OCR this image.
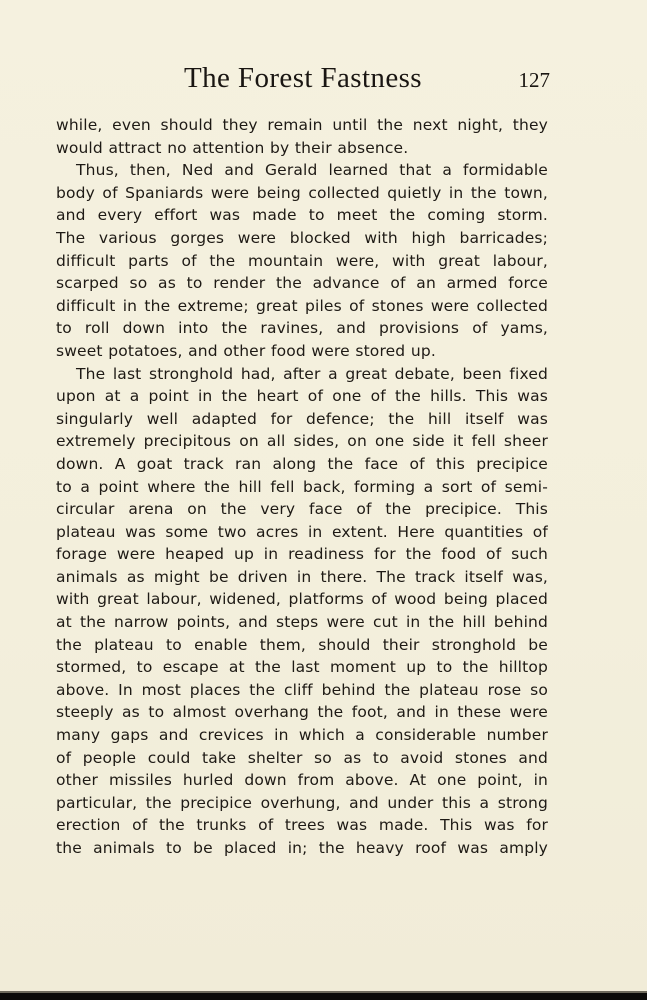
The Forest Fastness	127
while, even should they remain until the next night, they
would attract no attention by their absence.
Thus, then, Ned and Gerald learned that a formidable
body of Spaniards were being collected quietly in the town,
and every effort was made to meet the coming storm.
The various gorges were blocked with high barricades;
difficult parts of the mountain were, with great labour,
scarped so as to render the advance of an armed force
difficult in the extreme; great piles of stones were collected
to roll down into the ravines, and provisions of yams,
sweet potatoes, and other food were stored up.
The last stronghold had, after a great debate, been fixed
upon at a point in the heart of one of the hills. This was
singularly well adapted for defence; the hill itself was
extremely precipitous on all sides, on one side it fell sheer
down. A goat track ran along the face of this precipice
to a point where the hill fell back, forming a sort of semi-
circular arena on the very face of the precipice. This
plateau was some two acres in extent. Here quantities of
forage were heaped up in readiness for the food of such
animals as might be driven in there. The track itself was,
with great labour, widened, platforms of wood being placed
at the narrow points, and steps were cut in the hill behind
the plateau to enable them, should their stronghold be
stormed, to escape at the last moment up to the hilltop
above. In most places the cliff behind the plateau rose so
steeply as to almost overhang the foot, and in these were
many gaps and crevices in which a considerable number
of people could take shelter so as to avoid stones and
other missiles hurled down from above. At one point, in
particular, the precipice overhung, and under this a strong
erection of the trunks of trees was made. This was for
the animals to be placed in; the heavy roof was amply
